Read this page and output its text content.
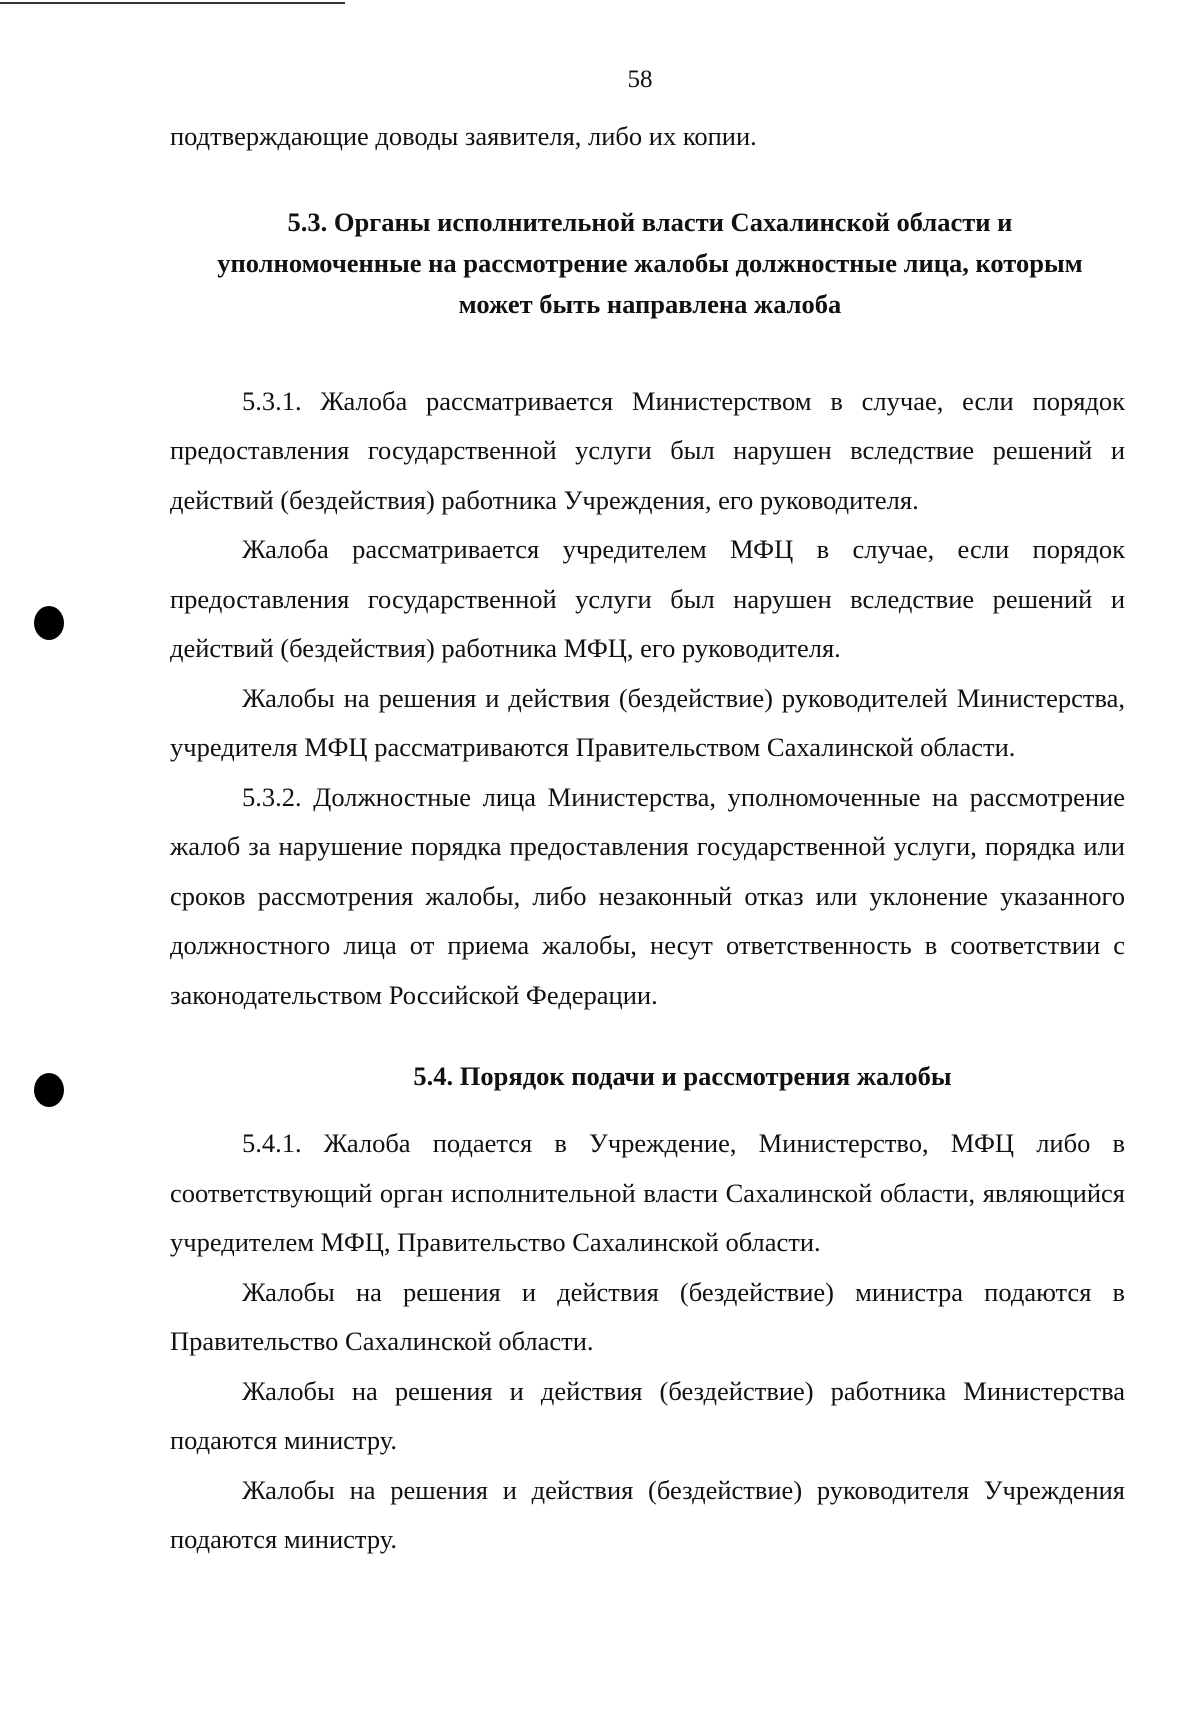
58

подтверждающие доводы заявителя, либо их копии.

5.3. Органы исполнительной власти Сахалинской области и уполномоченные на рассмотрение жалобы должностные лица, которым может быть направлена жалоба

5.3.1. Жалоба рассматривается Министерством в случае, если порядок предоставления государственной услуги был нарушен вследствие решений и действий (бездействия) работника Учреждения, его руководителя.

Жалоба рассматривается учредителем МФЦ в случае, если порядок предоставления государственной услуги был нарушен вследствие решений и действий (бездействия) работника МФЦ, его руководителя.

Жалобы на решения и действия (бездействие) руководителей Министерства, учредителя МФЦ рассматриваются Правительством Сахалинской области.

5.3.2. Должностные лица Министерства, уполномоченные на рассмотрение жалоб за нарушение порядка предоставления государственной услуги, порядка или сроков рассмотрения жалобы, либо незаконный отказ или уклонение указанного должностного лица от приема жалобы, несут ответственность в соответствии с законодательством Российской Федерации.

5.4. Порядок подачи и рассмотрения жалобы

5.4.1. Жалоба подается в Учреждение, Министерство, МФЦ либо в соответствующий орган исполнительной власти Сахалинской области, являющийся учредителем МФЦ, Правительство Сахалинской области.

Жалобы на решения и действия (бездействие) министра подаются в Правительство Сахалинской области.

Жалобы на решения и действия (бездействие) работника Министерства подаются министру.

Жалобы на решения и действия (бездействие) руководителя Учреждения подаются министру.
